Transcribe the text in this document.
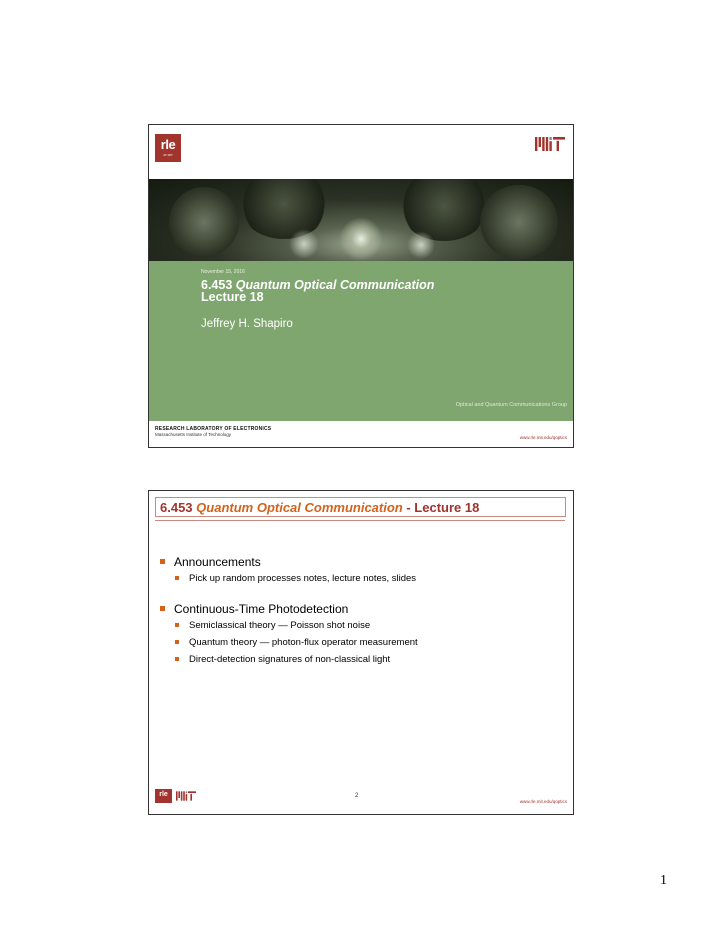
rle
AT MIT
November 15, 2016
6.453 Quantum Optical Communication
Lecture 18
Jeffrey H. Shapiro
Optical and Quantum Communications Group
RESEARCH LABORATORY OF ELECTRONICS
Massachusetts Institute of Technology
www.rle.mit.edu/qoptics
6.453 Quantum Optical Communication - Lecture 18
Announcements
Pick up random processes notes, lecture notes, slides
Continuous-Time Photodetection
Semiclassical theory — Poisson shot noise
Quantum theory — photon-flux operator measurement
Direct-detection signatures of non-classical light
rle	2
www.rle.mit.edu/qoptics
1
